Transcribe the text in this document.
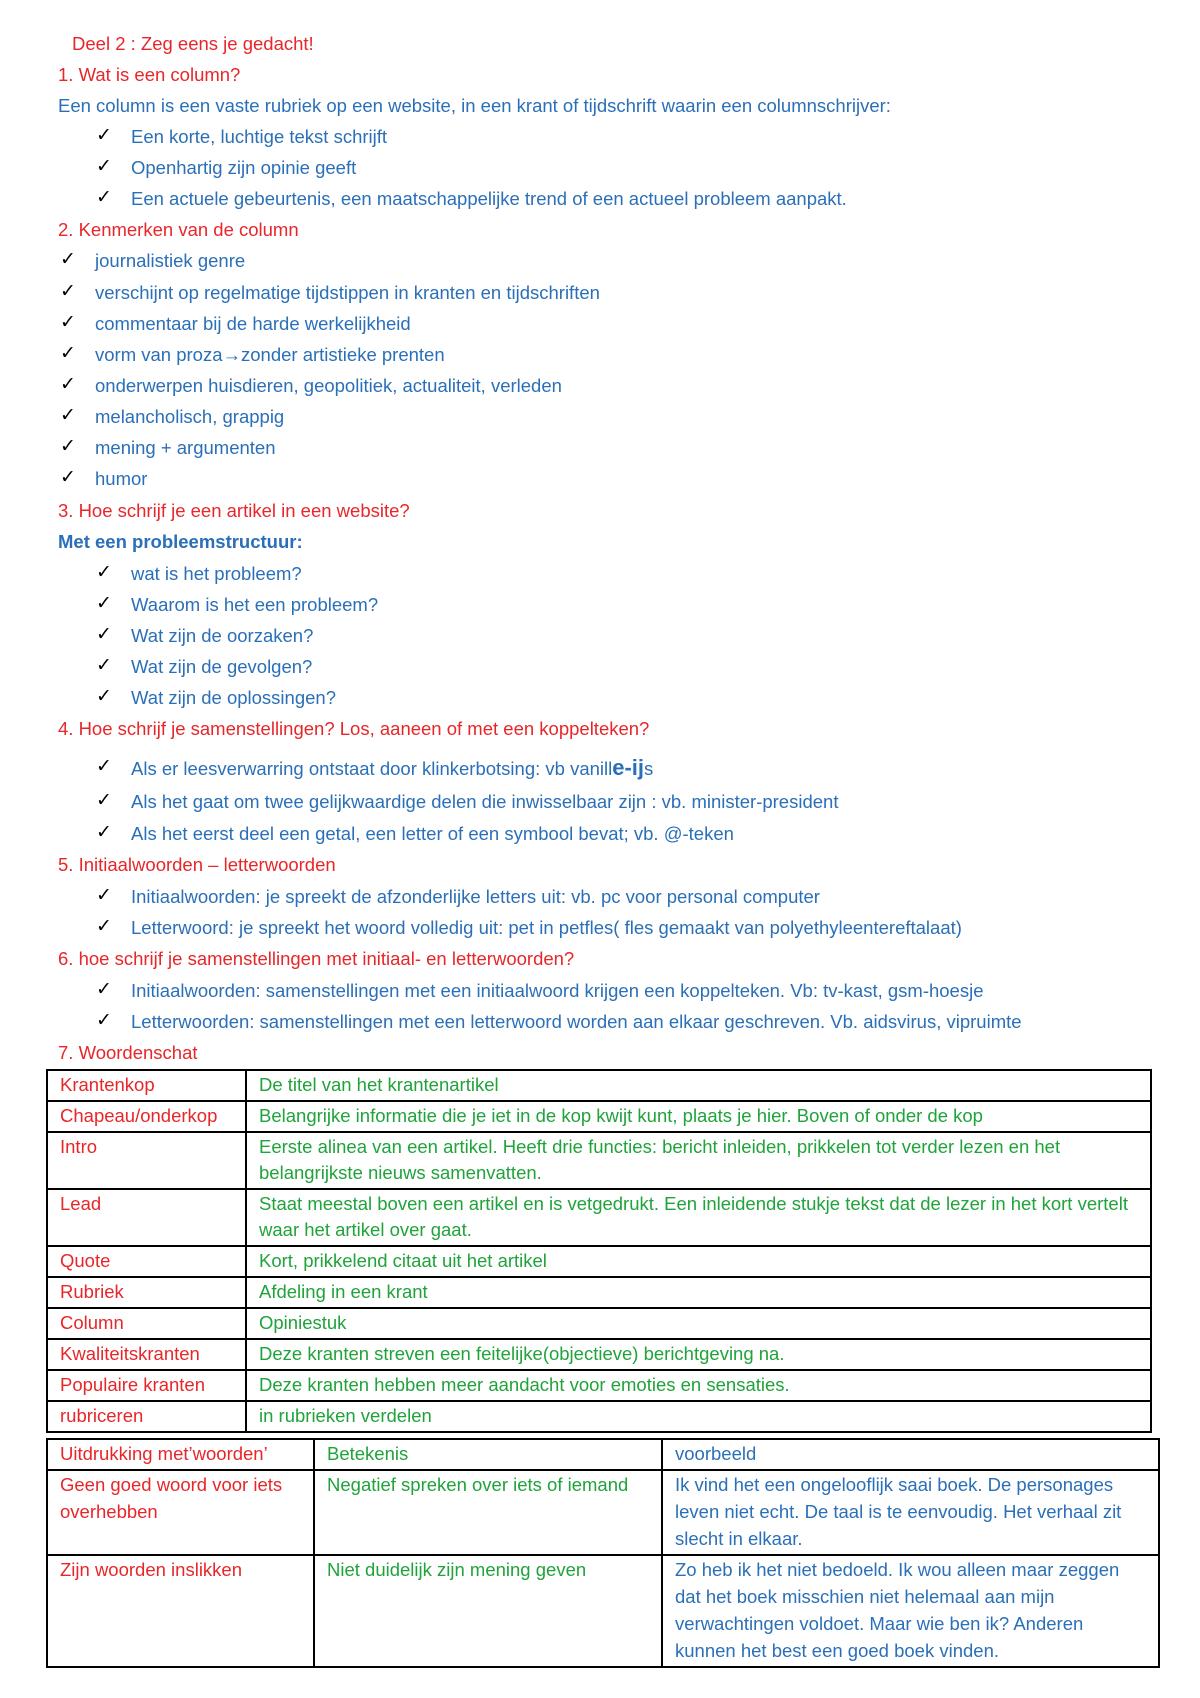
Deel 2 : Zeg eens je gedacht!
1. Wat is een column?
Een column is een vaste rubriek op een website, in een krant of tijdschrift waarin een columnschrijver:
✓ Een korte, luchtige tekst schrijft
✓ Openhartig zijn opinie geeft
✓ Een actuele gebeurtenis, een maatschappelijke trend of een actueel probleem aanpakt.
2. Kenmerken van de column
✓ journalistiek genre
✓ verschijnt op regelmatige tijdstippen in kranten en tijdschriften
✓ commentaar bij de harde werkelijkheid
✓ vorm van proza→zonder artistieke prenten
✓ onderwerpen huisdieren, geopolitiek, actualiteit, verleden
✓ melancholisch, grappig
✓ mening + argumenten
✓ humor
3. Hoe schrijf je een artikel in een website?
Met een probleemstructuur:
✓ wat is het probleem?
✓ Waarom is het een probleem?
✓ Wat zijn de oorzaken?
✓ Wat zijn de gevolgen?
✓ Wat zijn de oplossingen?
4. Hoe schrijf je samenstellingen? Los, aaneen of met een koppelteken?
✓ Als er leesverwarring ontstaat door klinkerbotsing: vb vanille-ijs
✓ Als het gaat om twee gelijkwaardige delen die inwisselbaar zijn : vb. minister-president
✓ Als het eerst deel een getal, een letter of een symbool bevat; vb. @-teken
5. Initiaalwoorden – letterwoorden
✓ Initiaalwoorden: je spreekt de afzonderlijke letters uit: vb. pc voor personal computer
✓ Letterwoord: je spreekt het woord volledig uit: pet in petfles( fles gemaakt van polyethyleentereftalaat)
6. hoe schrijf je samenstellingen met initiaal- en letterwoorden?
✓ Initiaalwoorden: samenstellingen met een initiaalwoord krijgen een koppelteken. Vb: tv-kast, gsm-hoesje
✓ Letterwoorden: samenstellingen met een letterwoord worden aan elkaar geschreven. Vb. aidsvirus, vipruimte
7. Woordenschat
Krantenkop	De titel van het krantenartikel
Chapeau/onderkop	Belangrijke informatie die je iet in de kop kwijt kunt, plaats je hier. Boven of onder de kop
Intro	Eerste alinea van een artikel. Heeft drie functies: bericht inleiden, prikkelen tot verder lezen en het belangrijkste nieuws samenvatten.
Lead	Staat meestal boven een artikel en is vetgedrukt. Een inleidende stukje tekst dat de lezer in het kort vertelt waar het artikel over gaat.
Quote	Kort, prikkelend citaat uit het artikel
Rubriek	Afdeling in een krant
Column	Opiniestuk
Kwaliteitskranten	Deze kranten streven een feitelijke(objectieve) berichtgeving na.
Populaire kranten	Deze kranten hebben meer aandacht voor emoties en sensaties.
rubriceren	in rubrieken verdelen
Uitdrukking met’woorden’	Betekenis	voorbeeld
Geen goed woord voor iets overhebben	Negatief spreken over iets of iemand	Ik vind het een ongelooflijk saai boek. De personages leven niet echt. De taal is te eenvoudig. Het verhaal zit slecht in elkaar.
Zijn woorden inslikken	Niet duidelijk zijn mening geven	Zo heb ik het niet bedoeld. Ik wou alleen maar zeggen dat het boek misschien niet helemaal aan mijn verwachtingen voldoet. Maar wie ben ik? Anderen kunnen het best een goed boek vinden.
